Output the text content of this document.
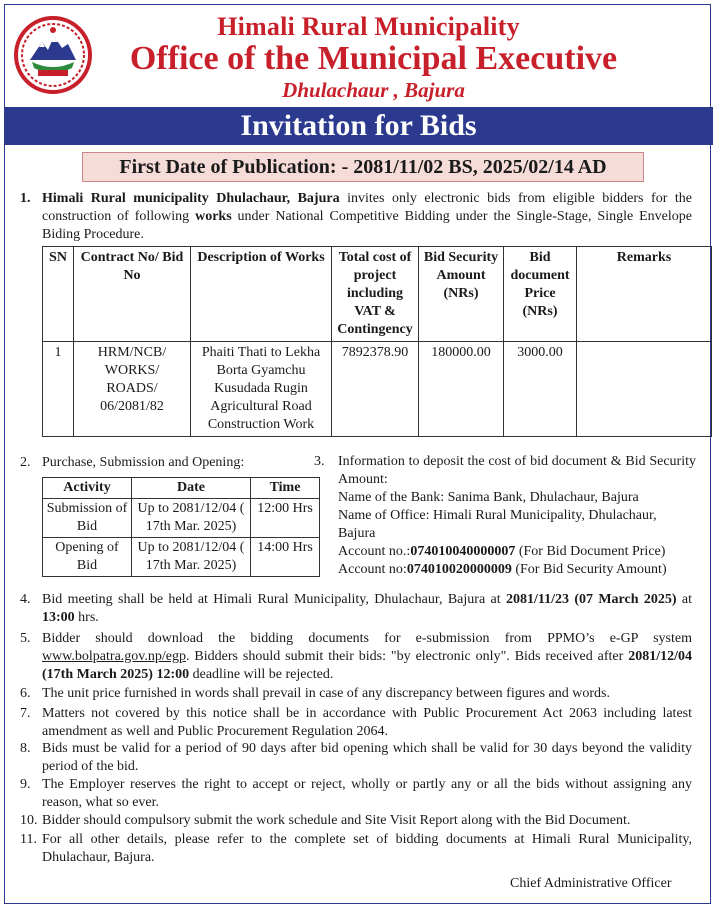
Himali Rural Municipality
Office of the Municipal Executive
Dhulachaur , Bajura
Invitation for Bids
First Date of Publication: - 2081/11/02 BS, 2025/02/14 AD
1. Himali Rural municipality Dhulachaur, Bajura invites only electronic bids from eligible bidders for the construction of following works under National Competitive Bidding under the Single-Stage, Single Envelope Biding Procedure.
SN	Contract No/ Bid No	Description of Works	Total cost of project including VAT & Contingency	Bid Security Amount (NRs)	Bid document Price (NRs)	Remarks
1	HRM/NCB/ WORKS/ ROADS/ 06/2081/82	Phaiti Thati to Lekha Borta Gyamchu Kusudada Rugin Agricultural Road Construction Work	7892378.90	180000.00	3000.00	
2. Purchase, Submission and Opening:
Activity	Date	Time
Submission of Bid	Up to 2081/12/04 ( 17th Mar. 2025)	12:00 Hrs
Opening of Bid	Up to 2081/12/04 ( 17th Mar. 2025)	14:00 Hrs
3. Information to deposit the cost of bid document & Bid Security Amount:
Name of the Bank: Sanima Bank, Dhulachaur, Bajura
Name of Office: Himali Rural Municipality, Dhulachaur, Bajura
Account no.:074010040000007 (For Bid Document Price)
Account no:074010020000009 (For Bid Security Amount)
4. Bid meeting shall be held at Himali Rural Municipality, Dhulachaur, Bajura at 2081/11/23 (07 March 2025) at 13:00 hrs.
5. Bidder should download the bidding documents for e-submission from PPMO’s e-GP system www.bolpatra.gov.np/egp. Bidders should submit their bids: "by electronic only". Bids received after 2081/12/04 (17th March 2025) 12:00 deadline will be rejected.
6. The unit price furnished in words shall prevail in case of any discrepancy between figures and words.
7. Matters not covered by this notice shall be in accordance with Public Procurement Act 2063 including latest amendment as well and Public Procurement Regulation 2064.
8. Bids must be valid for a period of 90 days after bid opening which shall be valid for 30 days beyond the validity period of the bid.
9. The Employer reserves the right to accept or reject, wholly or partly any or all the bids without assigning any reason, what so ever.
10. Bidder should compulsory submit the work schedule and Site Visit Report along with the Bid Document.
11. For all other details, please refer to the complete set of bidding documents at Himali Rural Municipality, Dhulachaur, Bajura.
Chief Administrative Officer
